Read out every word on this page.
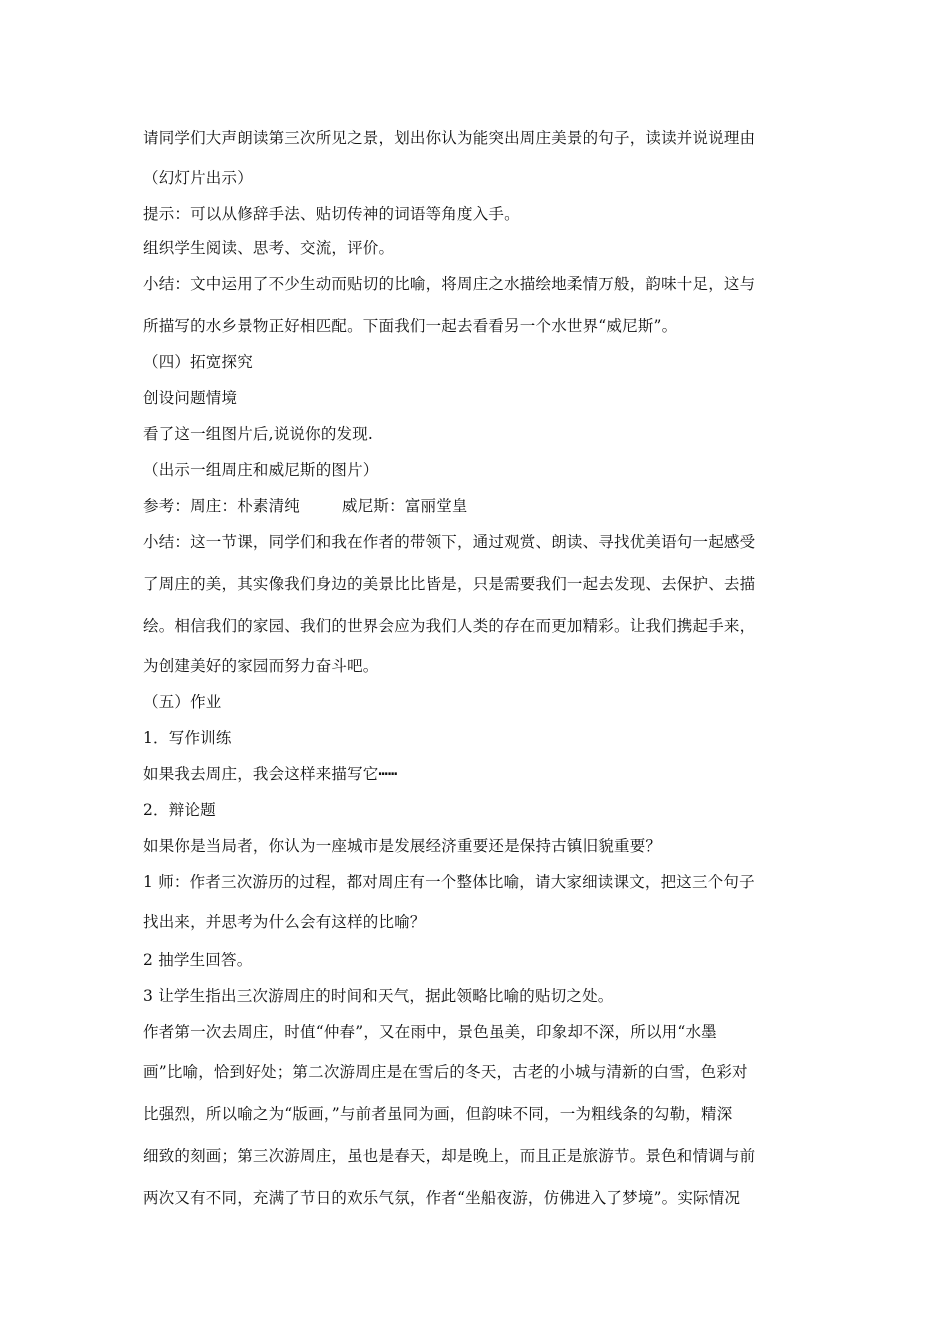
请同学们大声朗读第三次所见之景，划出你认为能突出周庄美景的句子，读读并说说理由
（幻灯片出示）
提示：可以从修辞手法、贴切传神的词语等角度入手。
组织学生阅读、思考、交流，评价。
小结：文中运用了不少生动而贴切的比喻，将周庄之水描绘地柔情万般，韵味十足，这与
所描写的水乡景物正好相匹配。下面我们一起去看看另一个水世界“威尼斯”。
（四）拓宽探究
创设问题情境
看了这一组图片后,说说你的发现.
（出示一组周庄和威尼斯的图片）
参考：周庄：朴素清纯	威尼斯：富丽堂皇
小结：这一节课，同学们和我在作者的带领下，通过观赏、朗读、寻找优美语句一起感受
了周庄的美，其实像我们身边的美景比比皆是，只是需要我们一起去发现、去保护、去描
绘。相信我们的家园、我们的世界会应为我们人类的存在而更加精彩。让我们携起手来，
为创建美好的家园而努力奋斗吧。
（五）作业
1．写作训练
如果我去周庄，我会这样来描写它┅┅
2．辩论题
如果你是当局者，你认为一座城市是发展经济重要还是保持古镇旧貌重要？
1 师：作者三次游历的过程，都对周庄有一个整体比喻，请大家细读课文，把这三个句子
找出来，并思考为什么会有这样的比喻？
2 抽学生回答。
3 让学生指出三次游周庄的时间和天气，据此领略比喻的贴切之处。
作者第一次去周庄，时值“仲春”，又在雨中，景色虽美，印象却不深，所以用“水墨
画”比喻，恰到好处；第二次游周庄是在雪后的冬天，古老的小城与清新的白雪，色彩对
比强烈，所以喻之为“版画，”与前者虽同为画，但韵味不同，一为粗线条的勾勒，精深
细致的刻画；第三次游周庄，虽也是春天，却是晚上，而且正是旅游节。景色和情调与前
两次又有不同，充满了节日的欢乐气氛，作者“坐船夜游，仿佛进入了梦境”。实际情况
